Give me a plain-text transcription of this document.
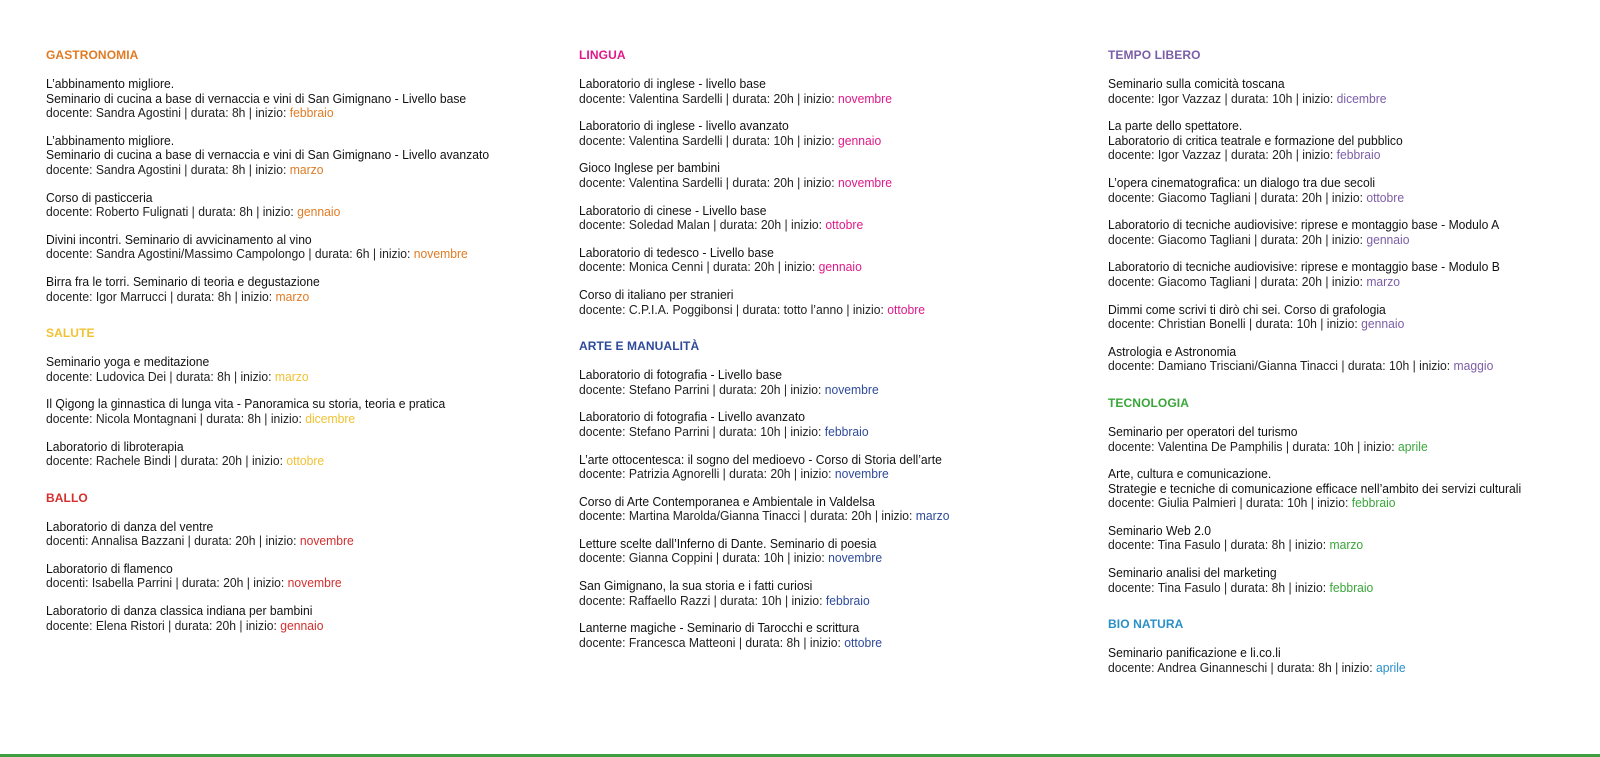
GASTRONOMIA
L’abbinamento migliore.
Seminario di cucina a base di vernaccia e vini di San Gimignano - Livello base
docente: Sandra Agostini | durata: 8h | inizio: febbraio
L’abbinamento migliore.
Seminario di cucina a base di vernaccia e vini di San Gimignano - Livello avanzato
docente: Sandra Agostini | durata: 8h | inizio: marzo
Corso di pasticceria
docente: Roberto Fulignati | durata: 8h | inizio: gennaio
Divini incontri. Seminario di avvicinamento al vino
docente: Sandra Agostini/Massimo Campolongo | durata: 6h | inizio: novembre
Birra fra le torri. Seminario di teoria e degustazione
docente: Igor Marrucci | durata: 8h | inizio: marzo
SALUTE
Seminario yoga e meditazione
docente: Ludovica Dei | durata: 8h | inizio: marzo
Il Qigong la ginnastica di lunga vita - Panoramica su storia, teoria e pratica
docente: Nicola Montagnani | durata: 8h | inizio: dicembre
Laboratorio di libroterapia
docente: Rachele Bindi | durata: 20h | inizio: ottobre
BALLO
Laboratorio di danza del ventre
docenti: Annalisa Bazzani | durata: 20h | inizio: novembre
Laboratorio di flamenco
docenti: Isabella Parrini | durata: 20h | inizio: novembre
Laboratorio di danza classica indiana per bambini
docente: Elena Ristori | durata: 20h | inizio: gennaio
LINGUA
Laboratorio di inglese - livello base
docente: Valentina Sardelli | durata: 20h | inizio: novembre
Laboratorio di inglese - livello avanzato
docente: Valentina Sardelli | durata: 10h | inizio: gennaio
Gioco Inglese per bambini
docente: Valentina Sardelli | durata: 20h | inizio: novembre
Laboratorio di cinese - Livello base
docente: Soledad Malan | durata: 20h | inizio: ottobre
Laboratorio di tedesco - Livello base
docente: Monica Cenni | durata: 20h | inizio: gennaio
Corso di italiano per stranieri
docente: C.P.I.A. Poggibonsi | durata: totto l’anno | inizio: ottobre
ARTE E MANUALITÀ
Laboratorio di fotografia - Livello base
docente: Stefano Parrini | durata: 20h | inizio: novembre
Laboratorio di fotografia - Livello avanzato
docente: Stefano Parrini | durata: 10h | inizio: febbraio
L’arte ottocentesca: il sogno del medioevo - Corso di Storia dell’arte
docente: Patrizia Agnorelli | durata: 20h | inizio: novembre
Corso di Arte Contemporanea e Ambientale in Valdelsa
docente: Martina Marolda/Gianna Tinacci | durata: 20h | inizio: marzo
Letture scelte dall’Inferno di Dante. Seminario di poesia
docente: Gianna Coppini | durata: 10h | inizio: novembre
San Gimignano, la sua storia e i fatti curiosi
docente: Raffaello Razzi | durata: 10h | inizio: febbraio
Lanterne magiche - Seminario di Tarocchi e scrittura
docente: Francesca Matteoni | durata: 8h | inizio: ottobre
TEMPO LIBERO
Seminario sulla comicità toscana
docente: Igor Vazzaz | durata: 10h | inizio: dicembre
La parte dello spettatore.
Laboratorio di critica teatrale e formazione del pubblico
docente: Igor Vazzaz | durata: 20h | inizio: febbraio
L’opera cinematografica: un dialogo tra due secoli
docente: Giacomo Tagliani | durata: 20h | inizio: ottobre
Laboratorio di tecniche audiovisive: riprese e montaggio base - Modulo A
docente: Giacomo Tagliani | durata: 20h | inizio: gennaio
Laboratorio di tecniche audiovisive: riprese e montaggio base - Modulo B
docente: Giacomo Tagliani | durata: 20h | inizio: marzo
Dimmi come scrivi ti dirò chi sei. Corso di grafologia
docente: Christian Bonelli | durata: 10h | inizio: gennaio
Astrologia e Astronomia
docente: Damiano Trisciani/Gianna Tinacci | durata: 10h | inizio: maggio
TECNOLOGIA
Seminario per operatori del turismo
docente: Valentina De Pamphilis | durata: 10h | inizio: aprile
Arte, cultura e comunicazione.
Strategie e tecniche di comunicazione efficace nell’ambito dei servizi culturali
docente: Giulia Palmieri | durata: 10h | inizio: febbraio
Seminario Web 2.0
docente: Tina Fasulo | durata: 8h | inizio: marzo
Seminario analisi del marketing
docente: Tina Fasulo | durata: 8h | inizio: febbraio
BIO NATURA
Seminario panificazione e li.co.li
docente: Andrea Ginanneschi | durata: 8h | inizio: aprile
